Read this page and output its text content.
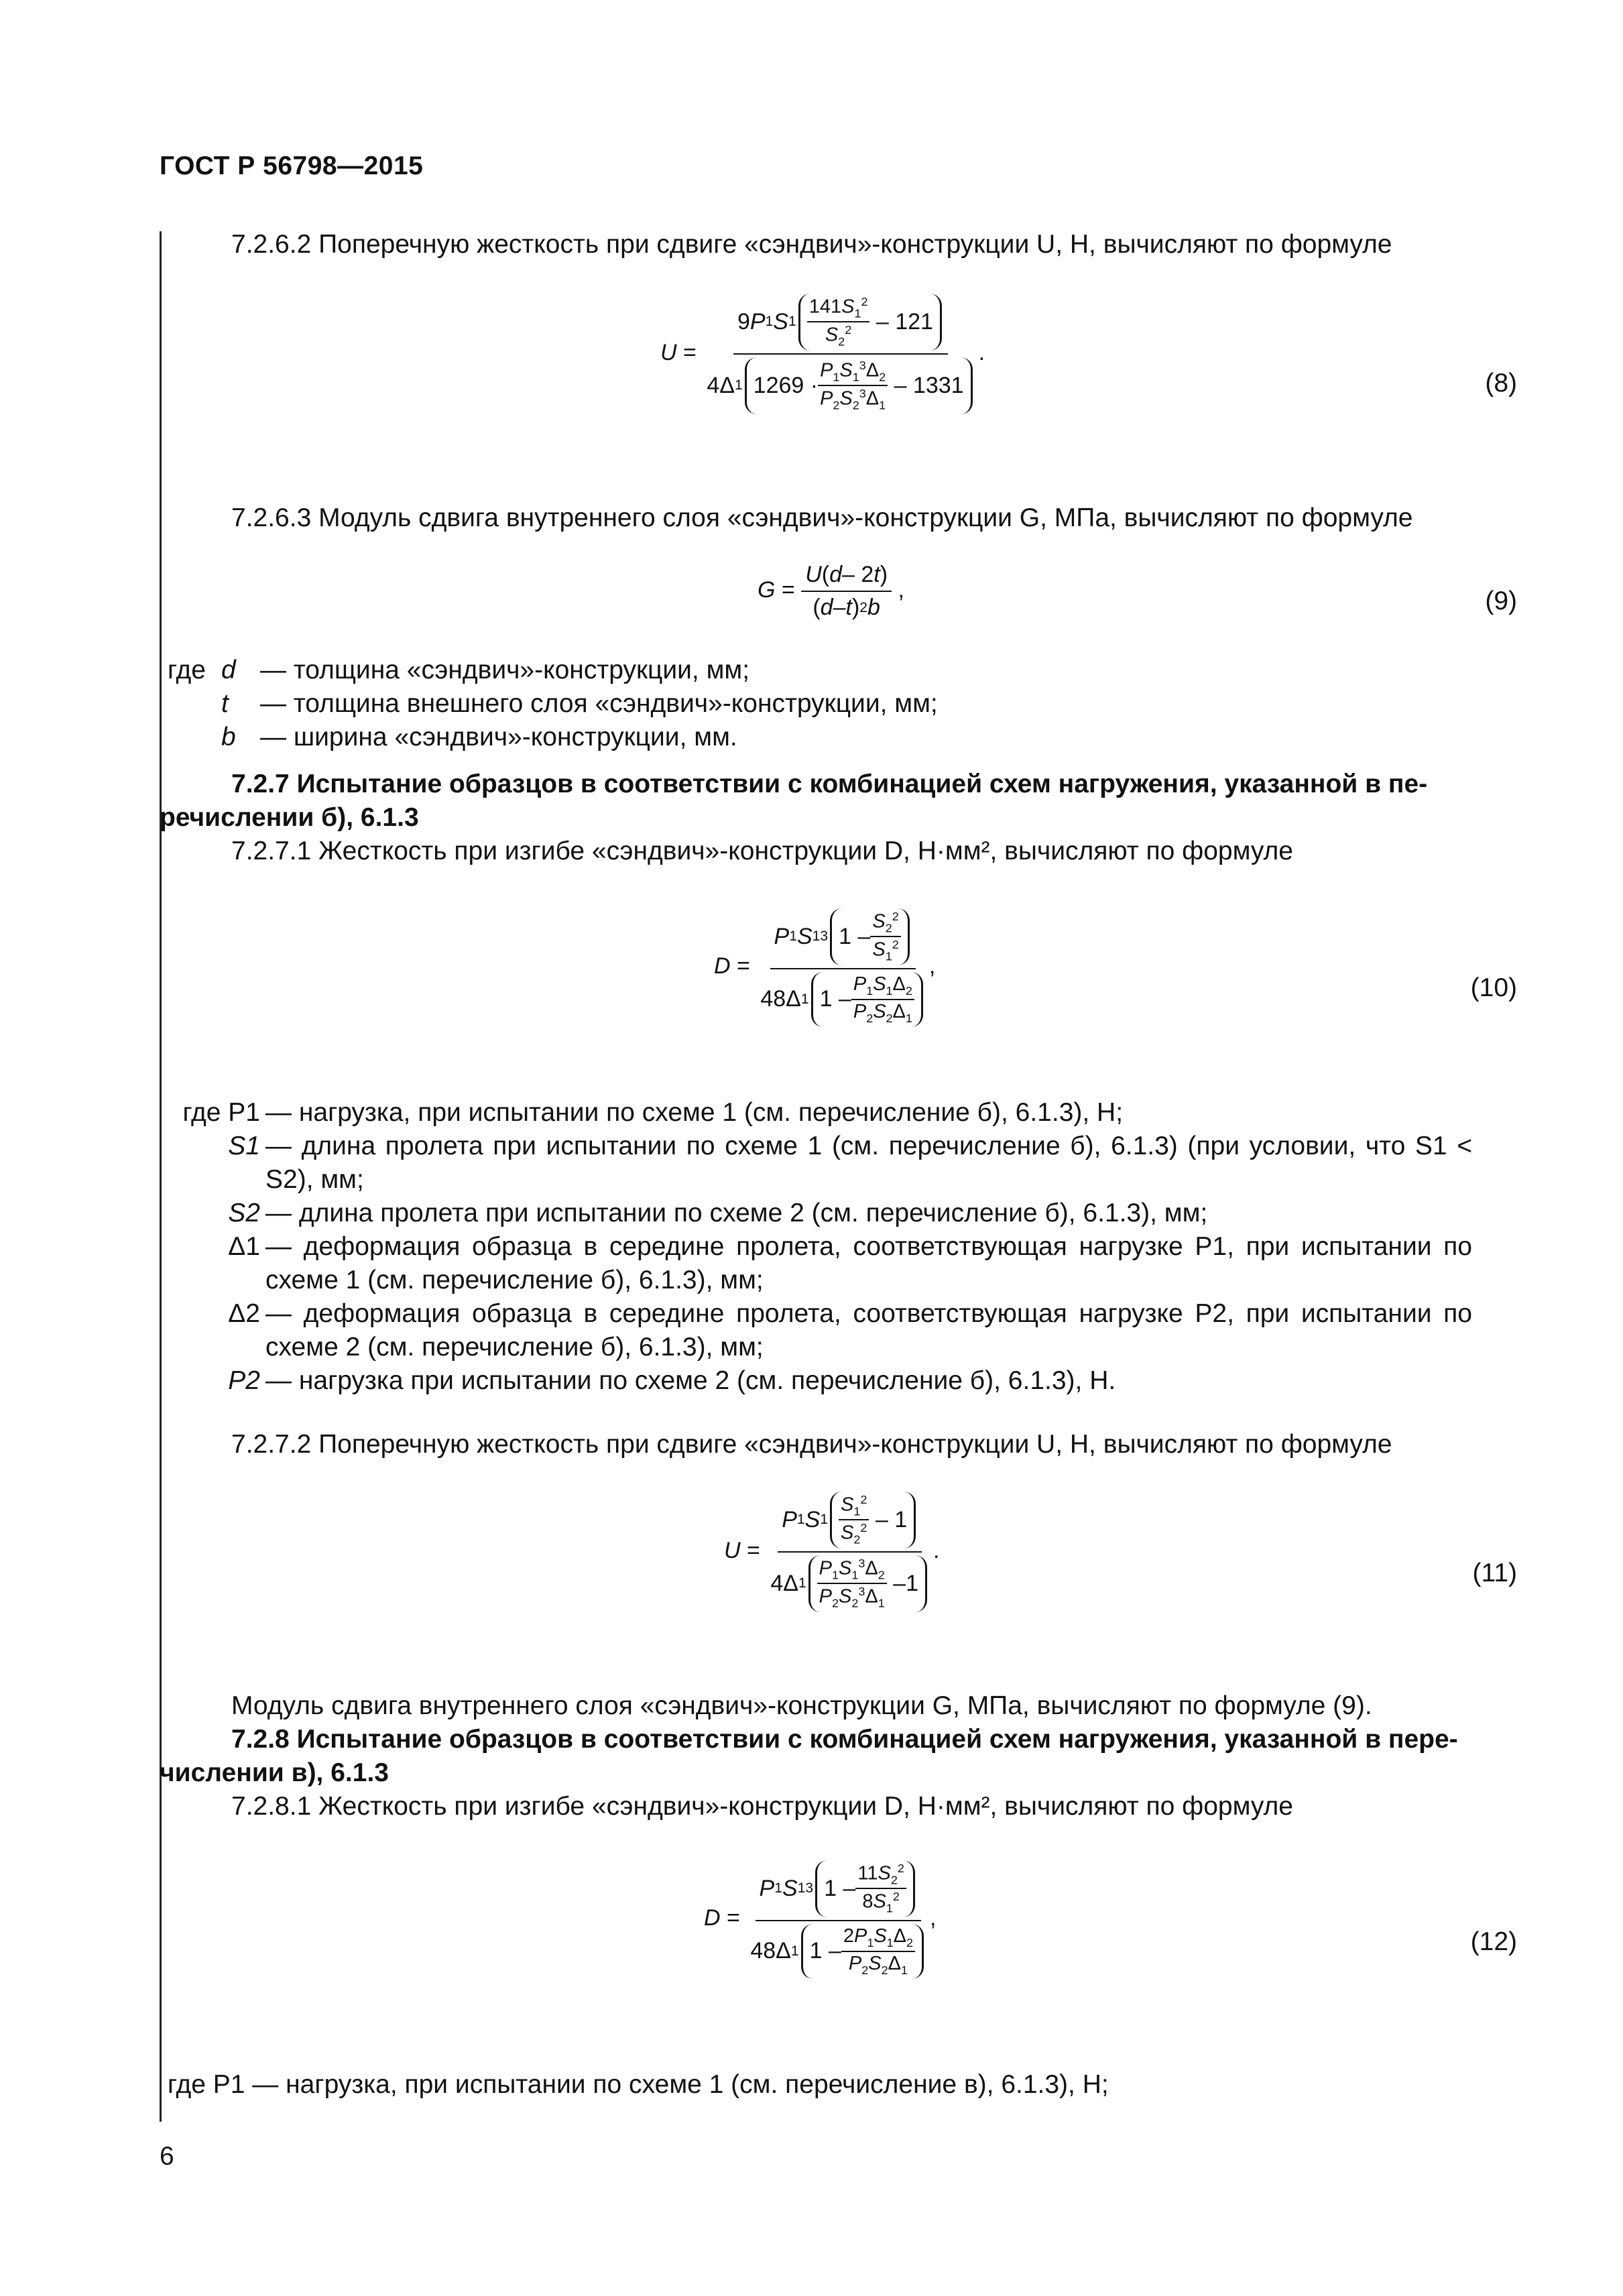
ГОСТ Р 56798—2015
7.2.6.2 Поперечную жесткость при сдвиге «сэндвич»-конструкции U, Н, вычисляют по формуле
U = 9 P 1 S 1
$141S_1^2$
$S_2^2 - 121$
4Δ 1 1269 ·
$P_1S_1^3\Delta_2$
$P_2S_2^3\Delta_1$
– 1331 .
(8)
7.2.6.3 Модуль сдвига внутреннего слоя «сэндвич»-конструкции G, МПа, вычисляют по формуле
$G = \frac{U ( d - 2 t )}{( d - t ) 2 b}$ ,	(9)
где d — толщина «сэндвич»-конструкции, мм;
t	— толщина внешнего слоя «сэндвич»-конструкции, мм;
b — ширина «сэндвич»-конструкции, мм.
7.2.7 Испытание образцов в соответствии с комбинацией схем нагружения, указанной в пе-
речислении б), 6.1.3
7.2.7.1 Жесткость при изгибе «сэндвич»-конструкции D, Н·мм², вычисляют по формуле
D = P 1 S 1 3 1 –
$S_2^2$
$S_1^2$
48Δ 1 1 –
$P_1S_1\Delta_2$
$P_2S_2\Delta_1$ ,
(10)
где P1 — нагрузка, при испытании по схеме 1 (см. перечисление б), 6.1.3), Н;
S1 — длина пролета при испытании по схеме 1 (см. перечисление б), 6.1.3) (при условии, что S1 < S2), мм;
S2 — длина пролета при испытании по схеме 2 (см. перечисление б), 6.1.3), мм;
Δ1 — деформация образца в середине пролета, соответствующая нагрузке P1, при испытании по схеме 1 (см. перечисление б), 6.1.3), мм;
Δ2 — деформация образца в середине пролета, соответствующая нагрузке P2, при испытании по схеме 2 (см. перечисление б), 6.1.3), мм;
P2 — нагрузка при испытании по схеме 2 (см. перечисление б), 6.1.3), Н.
7.2.7.2 Поперечную жесткость при сдвиге «сэндвич»-конструкции U, Н, вычисляют по формуле
U = P 1 S 1
$S_1^2$
$S_2^2 - 1$
4Δ 1
$P_1S_1^3\Delta_2$
$P_2S_2^3\Delta_1$
–1 .
(11)
Модуль сдвига внутреннего слоя «сэндвич»-конструкции G, МПа, вычисляют по формуле (9).
7.2.8 Испытание образцов в соответствии с комбинацией схем нагружения, указанной в пере-
числении в), 6.1.3
7.2.8.1 Жесткость при изгибе «сэндвич»-конструкции D, Н·мм², вычисляют по формуле
D = P 1 S 1 3 1 –
$11S_2^2$
$8S_1^2$
48Δ 1 1 –
$2P_1S_1\Delta_2$
$P_2S_2\Delta_1$ ,
(12)
где P1 — нагрузка, при испытании по схеме 1 (см. перечисление в), 6.1.3), Н;
6
